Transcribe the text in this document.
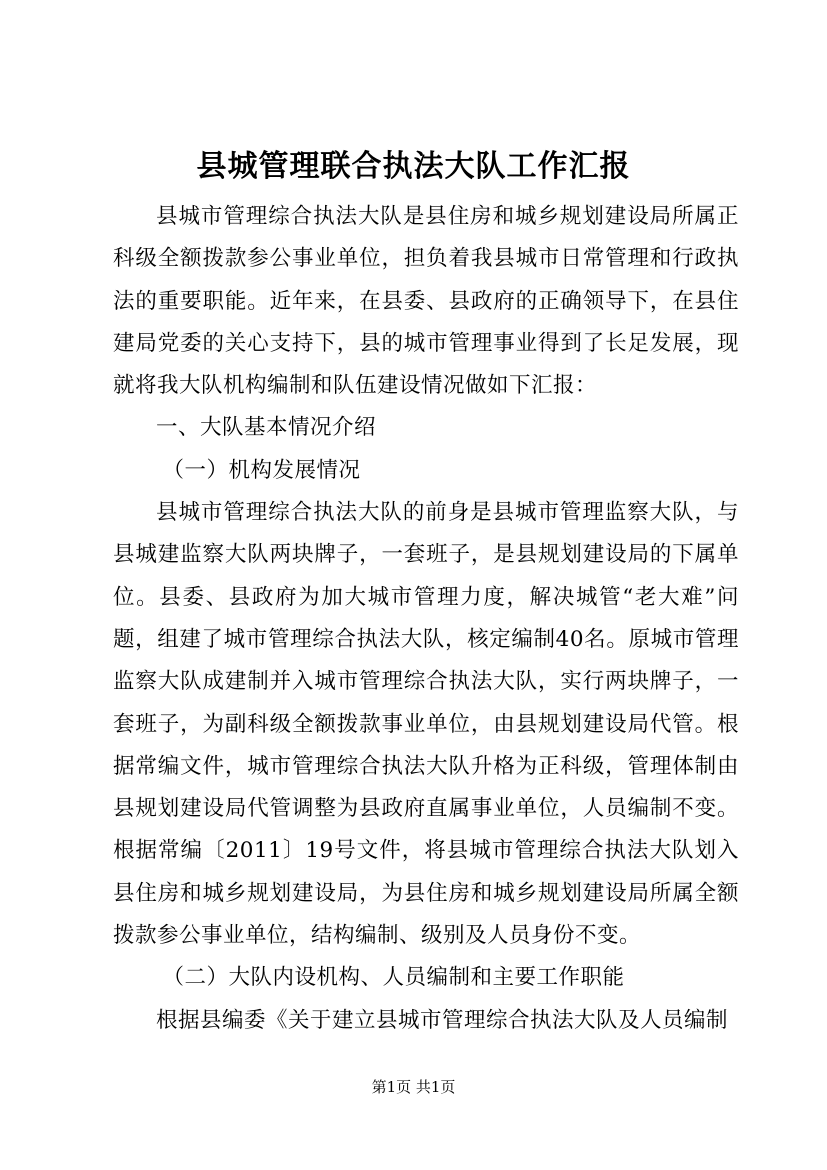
县城管理联合执法大队工作汇报

县城市管理综合执法大队是县住房和城乡规划建设局所属正科级全额拨款参公事业单位，担负着我县城市日常管理和行政执法的重要职能。近年来，在县委、县政府的正确领导下，在县住建局党委的关心支持下，县的城市管理事业得到了长足发展，现就将我大队机构编制和队伍建设情况做如下汇报：

一、大队基本情况介绍

（一）机构发展情况

县城市管理综合执法大队的前身是县城市管理监察大队，与县城建监察大队两块牌子，一套班子，是县规划建设局的下属单位。县委、县政府为加大城市管理力度，解决城管“老大难”问题，组建了城市管理综合执法大队，核定编制40名。原城市管理监察大队成建制并入城市管理综合执法大队，实行两块牌子，一套班子，为副科级全额拨款事业单位，由县规划建设局代管。根据常编文件，城市管理综合执法大队升格为正科级，管理体制由县规划建设局代管调整为县政府直属事业单位，人员编制不变。根据常编〔2011〕19号文件，将县城市管理综合执法大队划入县住房和城乡规划建设局，为县住房和城乡规划建设局所属全额拨款参公事业单位，结构编制、级别及人员身份不变。

（二）大队内设机构、人员编制和主要工作职能

根据县编委《关于建立县城市管理综合执法大队及人员编制

第1页 共1页
